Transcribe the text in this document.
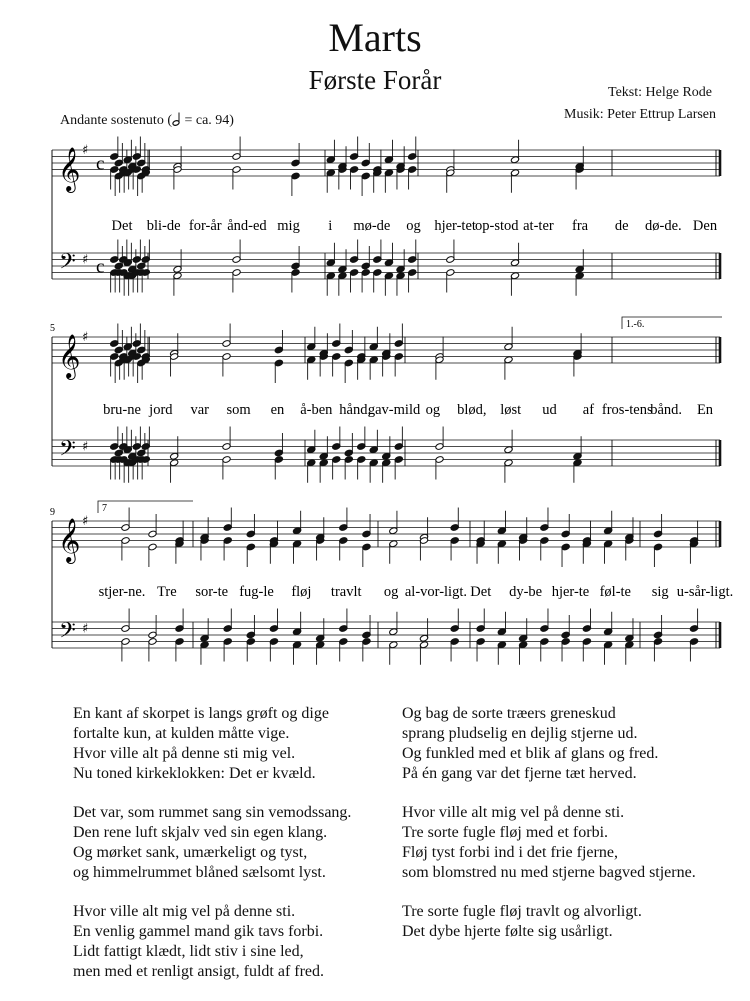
Marts
Første Forår	Tekst: Helge Rode
Musik: Peter Ettrup Larsen
Andante sostenuto ( = ca. 94)
𝄞
𝄢
♯
♯
c
c
Det bli-de for-år ånd-ed mig i mø-de og hjer-tet op-stod at-ter fra de dø-de. Den
𝄞
𝄢
♯
♯
5	1.-6.
bru-ne jord var som en å-ben hånd,
gav-mild og blød, løst ud af fros-tens
bånd. En
𝄞
𝄢
♯
♯
9	7
stjer-ne. Tre sor-te fug-le fløj travlt og al-vor-ligt. Det dy-be hjer-te føl-te sig u-sår-ligt.

En kant af skorpet is langs grøft og dige
fortalte kun, at kulden måtte vige.
Hvor ville alt på denne sti mig vel.
Nu toned kirkeklokken: Det er kvæld.

Det var, som rummet sang sin vemodssang.
Den rene luft skjalv ved sin egen klang.
Og mørket sank, umærkeligt og tyst,
og himmelrummet blåned sælsomt lyst.

Hvor ville alt mig vel på denne sti.
En venlig gammel mand gik tavs forbi.
Lidt fattigt klædt, lidt stiv i sine led,
men med et renligt ansigt, fuldt af fred.

Og bag de sorte træers greneskud
sprang pludselig en dejlig stjerne ud.
Og funkled med et blik af glans og fred.
På én gang var det fjerne tæt herved.

Hvor ville alt mig vel på denne sti.
Tre sorte fugle fløj med et forbi.
Fløj tyst forbi ind i det frie fjerne,
som blomstred nu med stjerne bagved stjerne.

Tre sorte fugle fløj travlt og alvorligt.
Det dybe hjerte følte sig usårligt.
